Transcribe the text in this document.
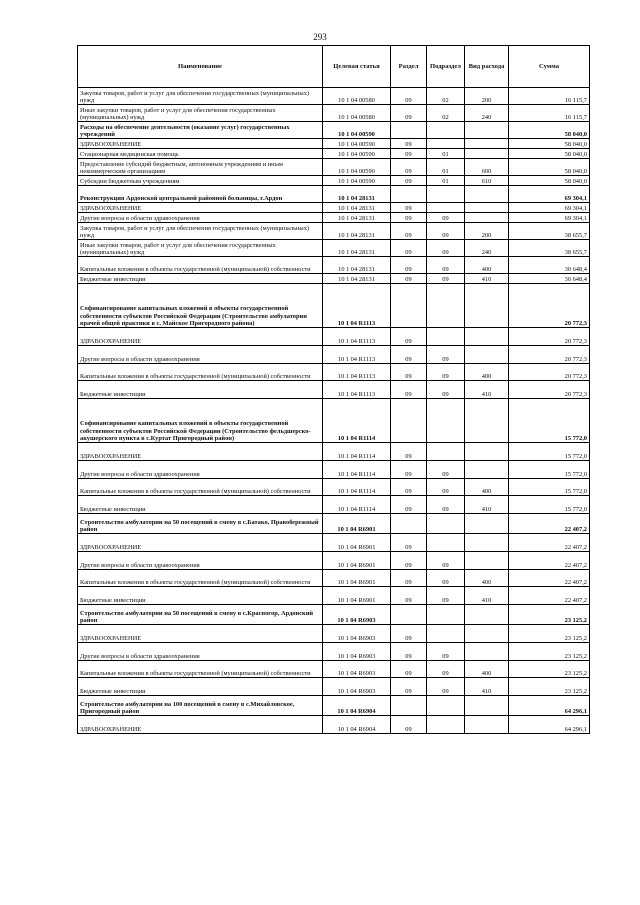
293
Наименование	Целевая статья	Раздел	Подраздел	Вид расхода	Сумма
Закупка товаров, работ и услуг для обеспечения государственных (муниципальных) нужд	10 1 04 00580	09	02	200	16 115,7
Иные закупки товаров, работ и услуг для обеспечения государственных (муниципальных) нужд	10 1 04 00580	09	02	240	16 115,7
Расходы на обеспечение деятельности (оказание услуг) государственных учреждений	10 1 04 00590				58 040,0
ЗДРАВООХРАНЕНИЕ	10 1 04 00590	09			58 040,0
Стационарная медицинская помощь	10 1 04 00590	09	01		58 040,0
Предоставление субсидий бюджетным, автономным учреждениям и иным некоммерческим организациям	10 1 04 00590	09	01	600	58 040,0
Субсидии бюджетным учреждениям	10 1 04 00590	09	01	610	58 040,0
Реконструкция Ардонской центральной районной больницы, г.Ардон	10 1 04 28131				69 304,1
ЗДРАВООХРАНЕНИЕ	10 1 04 28131	09			69 304,1
Другие вопросы в области здравоохранения	10 1 04 28131	09	09		69 304,1
Закупка товаров, работ и услуг для обеспечения государственных (муниципальных) нужд	10 1 04 28131	09	09	200	38 655,7
Иные закупки товаров, работ и услуг для обеспечения государственных (муниципальных) нужд	10 1 04 28131	09	09	240	38 655,7
Капитальные вложения в объекты государственной (муниципальной) собственности	10 1 04 28131	09	09	400	30 648,4
Бюджетные инвестиции	10 1 04 28131	09	09	410	30 648,4
Софинансирование капитальных вложений в объекты государственной собственности субъектов Российской Федерации (Строительство амбулатории врачей общей практики в с. Майское Пригородного района)	10 1 04 R1113				20 772,3
ЗДРАВООХРАНЕНИЕ	10 1 04 R1113	09			20 772,3
Другие вопросы в области здравоохранения	10 1 04 R1113	09	09		20 772,3
Капитальные вложения в объекты государственной (муниципальной) собственности	10 1 04 R1113	09	09	400	20 772,3
Бюджетные инвестиции	10 1 04 R1113	09	09	410	20 772,3
Софинансирование капитальных вложений в объекты государственной собственности субъектов Российской Федерации (Строительство фельдшерско-акушерского пункта в с.Куртат Пригородный район)	10 1 04 R1114				15 772,0
ЗДРАВООХРАНЕНИЕ	10 1 04 R1114	09			15 772,0
Другие вопросы в области здравоохранения	10 1 04 R1114	09	09		15 772,0
Капитальные вложения в объекты государственной (муниципальной) собственности	10 1 04 R1114	09	09	400	15 772,0
Бюджетные инвестиции	10 1 04 R1114	09	09	410	15 772,0
Строительство амбулатории на 50 посещений в смену в с.Батако, Правобережный район	10 1 04 R6901				22 407,2
ЗДРАВООХРАНЕНИЕ	10 1 04 R6901	09			22 407,2
Другие вопросы в области здравоохранения	10 1 04 R6901	09	09		22 407,2
Капитальные вложения в объекты государственной (муниципальной) собственности	10 1 04 R6901	09	09	400	22 407,2
Бюджетные инвестиции	10 1 04 R6901	09	09	410	22 407,2
Строительство амбулатории на 50 посещений в смену в с.Красногор, Ардонский район	10 1 04 R6903				23 125,2
ЗДРАВООХРАНЕНИЕ	10 1 04 R6903	09			23 125,2
Другие вопросы в области здравоохранения	10 1 04 R6903	09	09		23 125,2
Капитальные вложения в объекты государственной (муниципальной) собственности	10 1 04 R6903	09	09	400	23 125,2
Бюджетные инвестиции	10 1 04 R6903	09	09	410	23 125,2
Строительство амбулатории на 100 посещений в смену в с.Михайловское, Пригородный район	10 1 04 R6904				64 296,1
ЗДРАВООХРАНЕНИЕ	10 1 04 R6904	09			64 296,1
